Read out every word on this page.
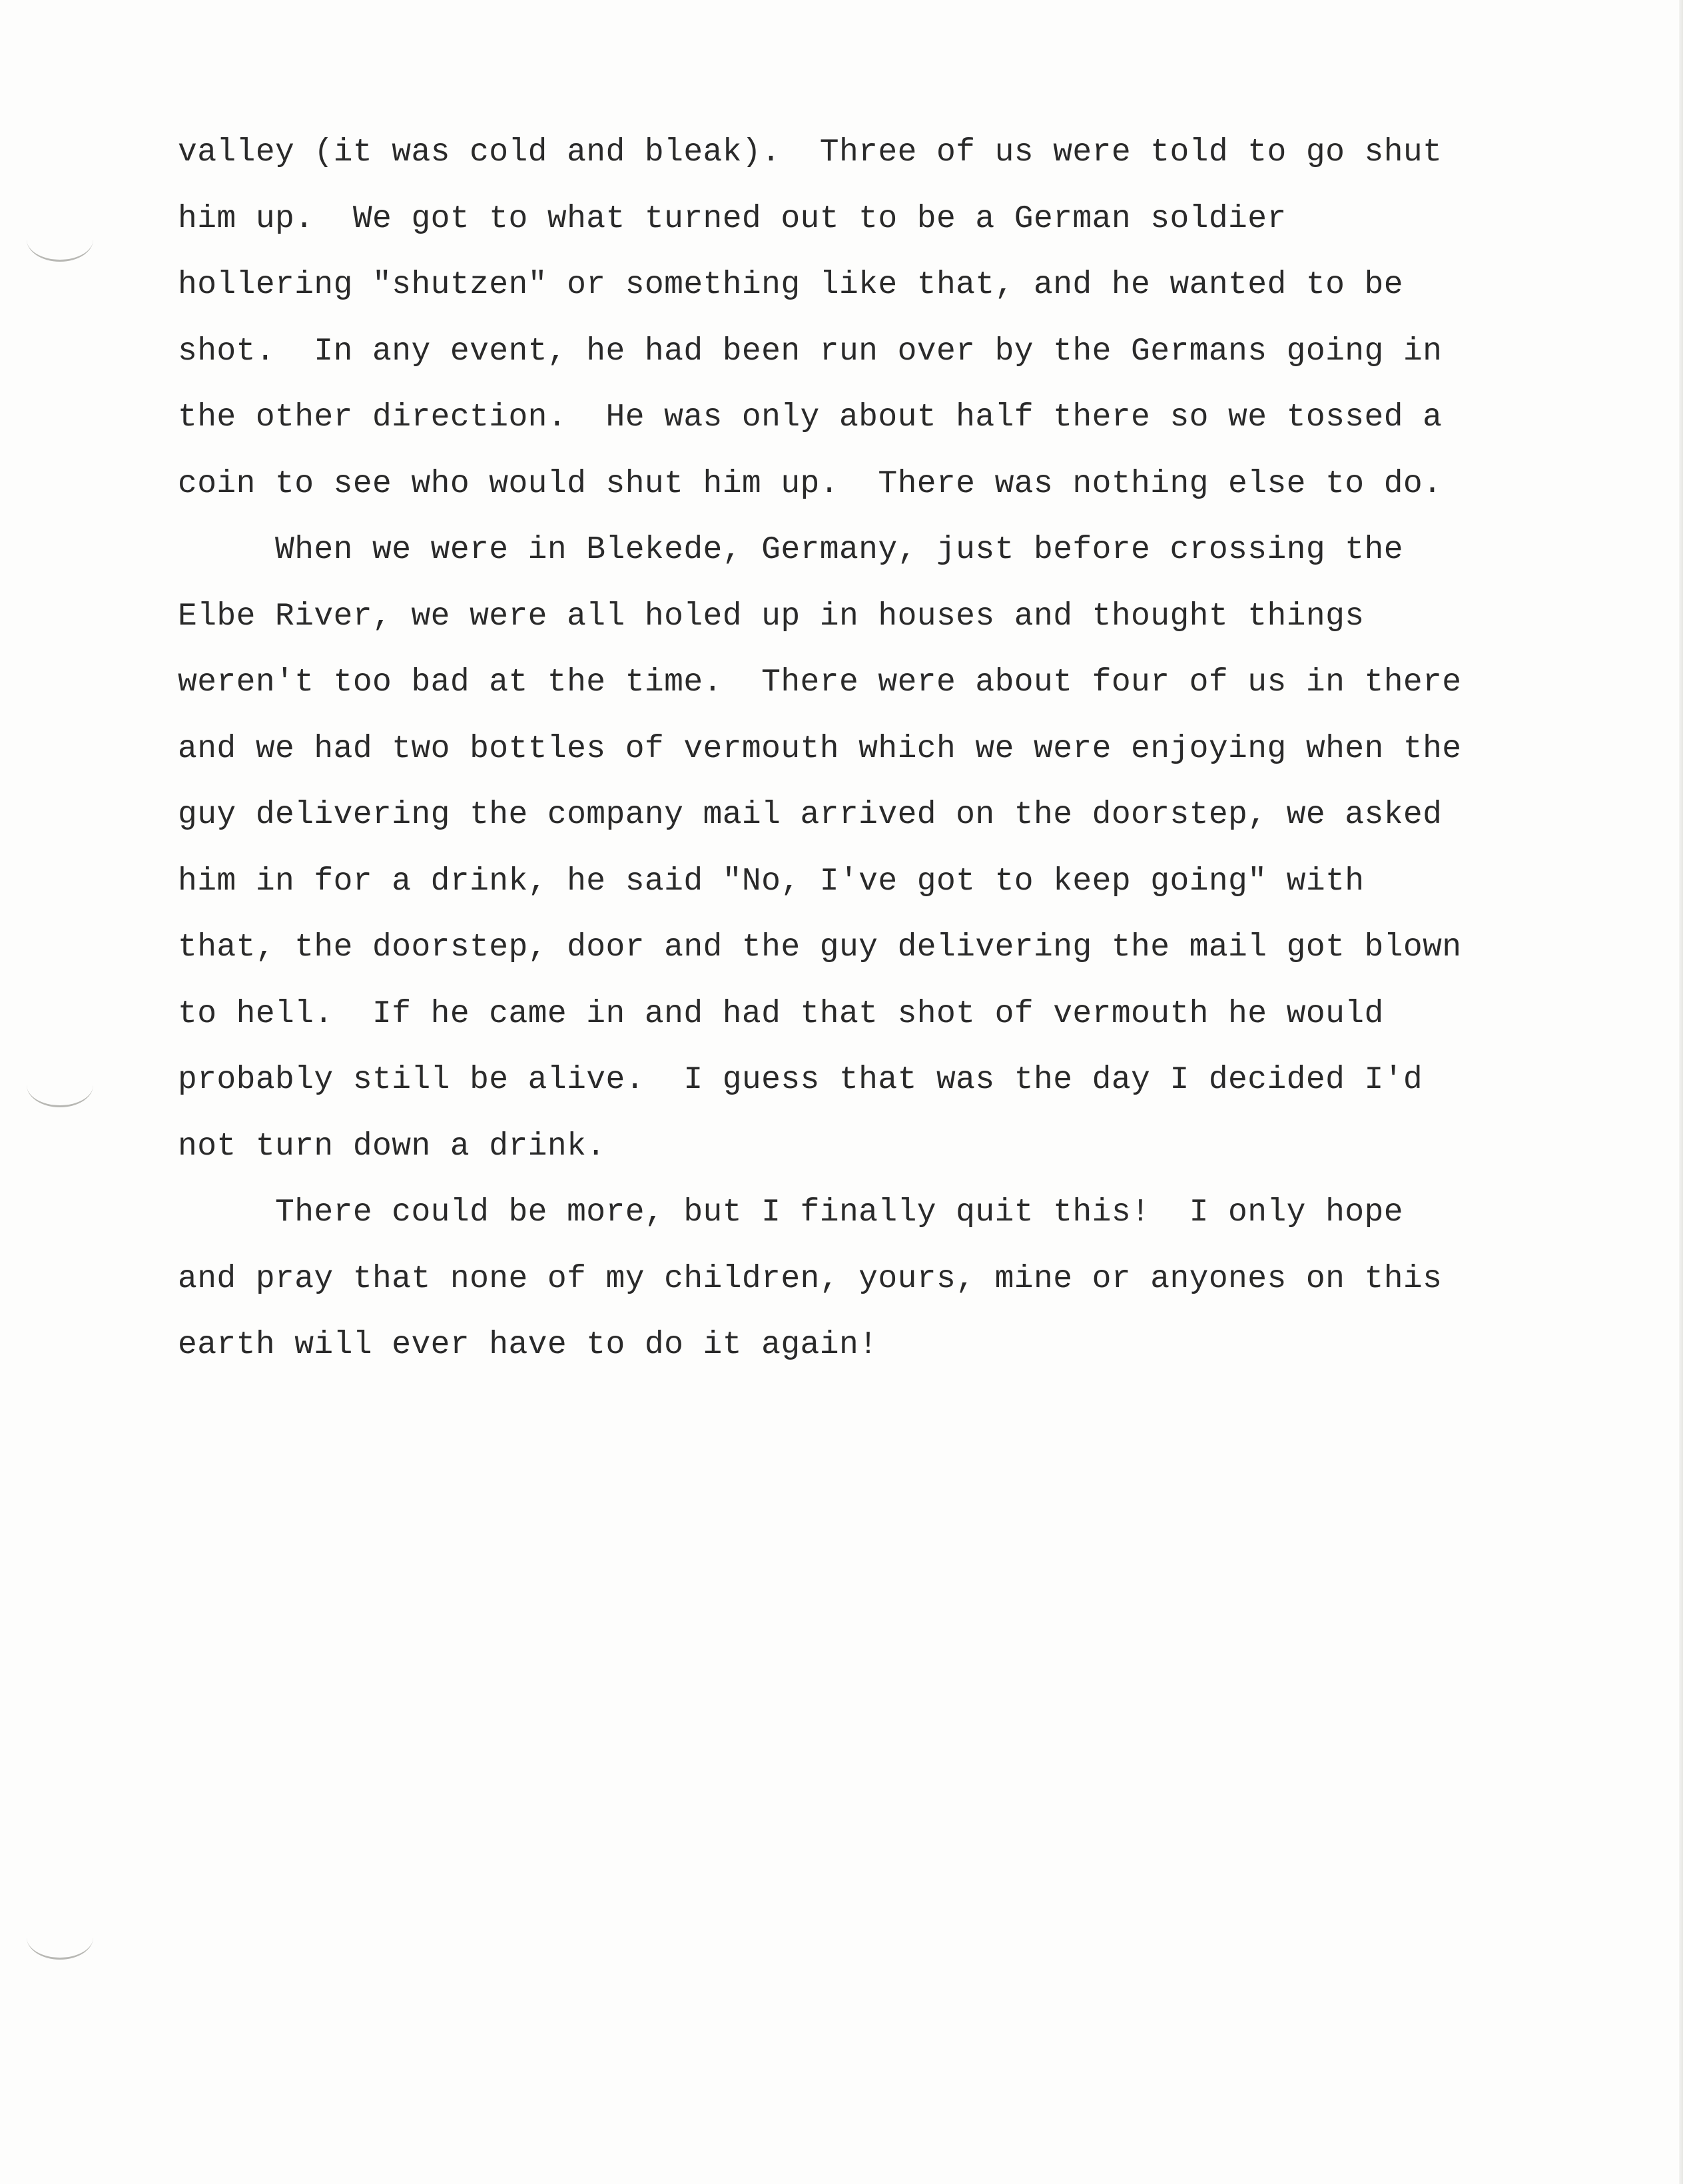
valley (it was cold and bleak).  Three of us were told to go shut
him up.  We got to what turned out to be a German soldier
hollering "shutzen" or something like that, and he wanted to be
shot.  In any event, he had been run over by the Germans going in
the other direction.  He was only about half there so we tossed a
coin to see who would shut him up.  There was nothing else to do.
When we were in Blekede, Germany, just before crossing the
Elbe River, we were all holed up in houses and thought things
weren't too bad at the time.  There were about four of us in there
and we had two bottles of vermouth which we were enjoying when the
guy delivering the company mail arrived on the doorstep, we asked
him in for a drink, he said "No, I've got to keep going" with
that, the doorstep, door and the guy delivering the mail got blown
to hell.  If he came in and had that shot of vermouth he would
probably still be alive.  I guess that was the day I decided I'd
not turn down a drink.
There could be more, but I finally quit this!  I only hope
and pray that none of my children, yours, mine or anyones on this
earth will ever have to do it again!
